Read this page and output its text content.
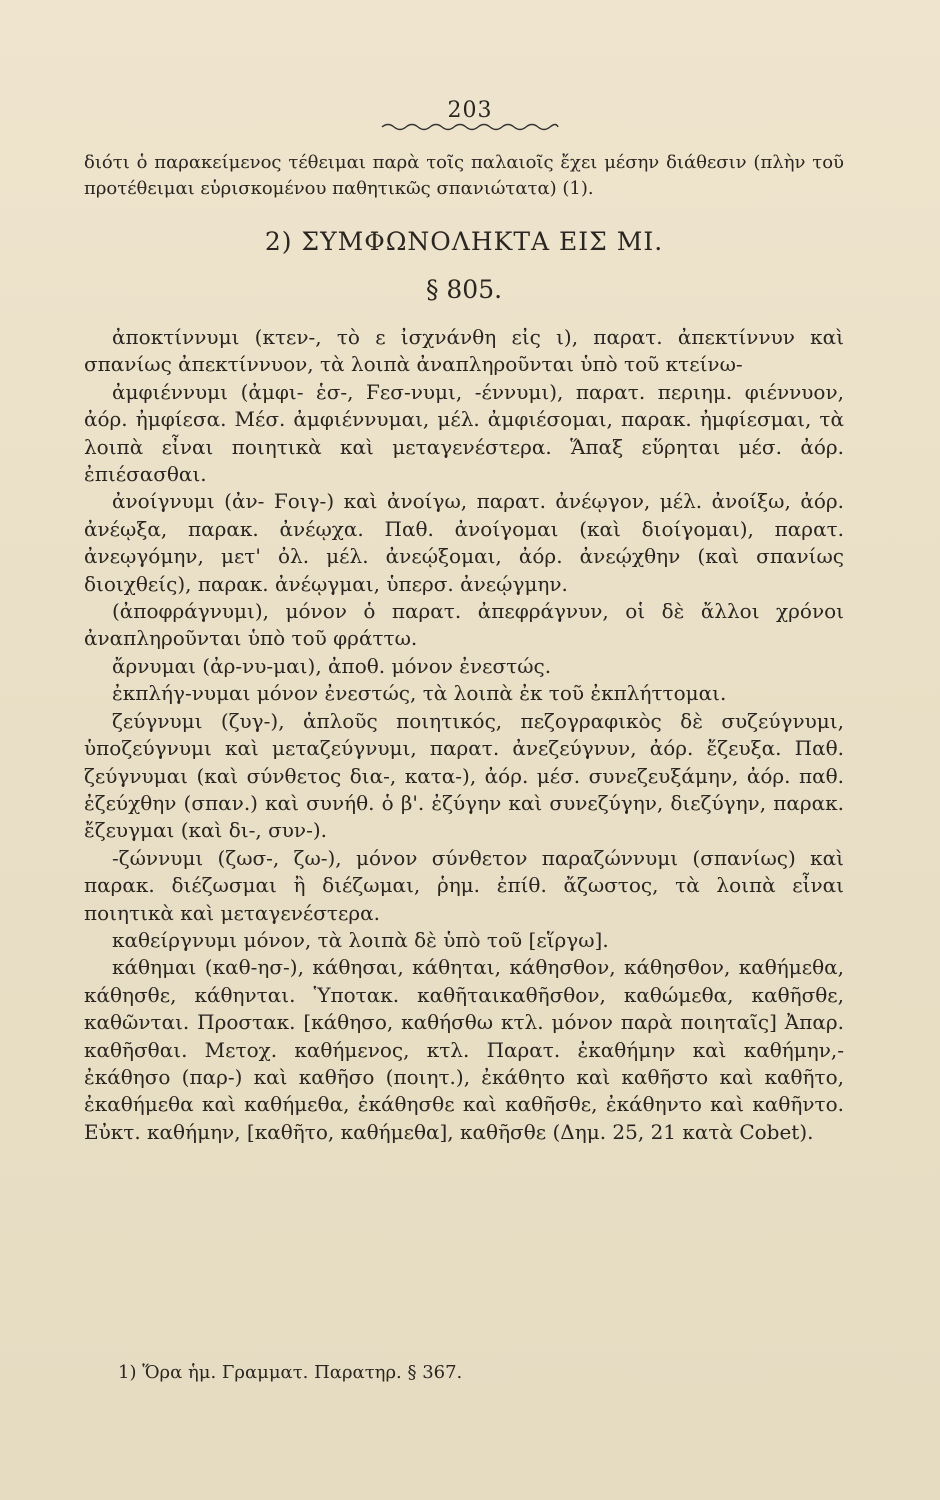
203

διότι ὁ παρακείμενος τέθειμαι παρὰ τοῖς παλαιοῖς ἔχει μέσην διάθεσιν (πλὴν τοῦ προτέθειμαι εὑρισκομένου παθητικῶς σπανιώτατα) (1).

2) ΣΥΜΦΩΝΟΛΗΚΤΑ ΕΙΣ ΜΙ.
§ 805.

ἀποκτίννυμι (κτεν-, τὸ ε ἰσχνάνθη εἰς ι), παρατ. ἀπεκτίννυν καὶ σπανίως ἀπεκτίννυον, τὰ λοιπὰ ἀναπληροῦνται ὑπὸ τοῦ κτείνω-

ἀμφιέννυμι (ἀμφι- ἑσ-, Ϝεσ-νυμι, -έννυμι), παρατ. περιημ. φιέννυον, ἀόρ. ἠμφίεσα. Μέσ. ἀμφιέννυμαι, μέλ. ἀμφιέσομαι, παρακ. ἠμφίεσμαι, τὰ λοιπὰ εἶναι ποιητικὰ καὶ μεταγενέστερα. Ἅπαξ εὕρηται μέσ. ἀόρ. ἐπιέσασθαι.

ἀνοίγνυμι (ἀν- Ϝοιγ-) καὶ ἀνοίγω, παρατ. ἀνέῳγον, μέλ. ἀνοίξω, ἀόρ. ἀνέῳξα, παρακ. ἀνέῳχα. Παθ. ἀνοίγομαι (καὶ διοίγομαι), παρατ. ἀνεῳγόμην, μετ' ὀλ. μέλ. ἀνεῴξομαι, ἀόρ. ἀνεῴχθην (καὶ σπανίως διοιχθείς), παρακ. ἀνέῳγμαι, ὑπερσ. ἀνεῴγμην.

(ἀποφράγνυμι), μόνον ὁ παρατ. ἀπεφράγνυν, οἱ δὲ ἄλλοι χρόνοι ἀναπληροῦνται ὑπὸ τοῦ φράττω.

ἄρνυμαι (ἀρ-νυ-μαι), ἀποθ. μόνον ἐνεστώς.

ἐκπλήγ-νυμαι μόνον ἐνεστώς, τὰ λοιπὰ ἐκ τοῦ ἐκπλήττομαι.

ζεύγνυμι (ζυγ-), ἁπλοῦς ποιητικός, πεζογραφικὸς δὲ συζεύγνυμι, ὑποζεύγνυμι καὶ μεταζεύγνυμι, παρατ. ἀνεζεύγνυν, ἀόρ. ἔζευξα. Παθ. ζεύγνυμαι (καὶ σύνθετος δια-, κατα-), ἀόρ. μέσ. συνεζευξάμην, ἀόρ. παθ. ἐζεύχθην (σπαν.) καὶ συνήθ. ὁ β'. ἐζύγην καὶ συνεζύγην, διεζύγην, παρακ. ἔζευγμαι (καὶ δι-, συν-).

-ζώννυμι (ζωσ-, ζω-), μόνον σύνθετον παραζώννυμι (σπανίως) καὶ παρακ. διέζωσμαι ἢ διέζωμαι, ῥημ. ἐπίθ. ἄζωστος, τὰ λοιπὰ εἶναι ποιητικὰ καὶ μεταγενέστερα.

καθείργνυμι μόνον, τὰ λοιπὰ δὲ ὑπὸ τοῦ [εἵργω].

κάθημαι (καθ-ησ-), κάθησαι, κάθηται, κάθησθον, κάθησθον, καθήμεθα, κάθησθε, κάθηνται. Ὑποτακ. καθῆταικαθῆσθον, καθώμεθα, καθῆσθε, καθῶνται. Προστακ. [κάθησο, καθήσθω κτλ. μόνον παρὰ ποιηταῖς] Ἀπαρ. καθῆσθαι. Μετοχ. καθήμενος, κτλ. Παρατ. ἐκαθήμην καὶ καθήμην,- ἐκάθησο (παρ-) καὶ καθῆσο (ποιητ.), ἐκάθητο καὶ καθῆστο καὶ καθῆτο, ἐκαθήμεθα καὶ καθήμεθα, ἐκάθησθε καὶ καθῆσθε, ἐκάθηντο καὶ καθῆντο. Εὐκτ. καθήμην, [καθῆτο, καθήμεθα], καθῆσθε (Δημ. 25, 21 κατὰ Cobet).

1) Ὅρα ἡμ. Γραμματ. Παρατηρ. § 367.
